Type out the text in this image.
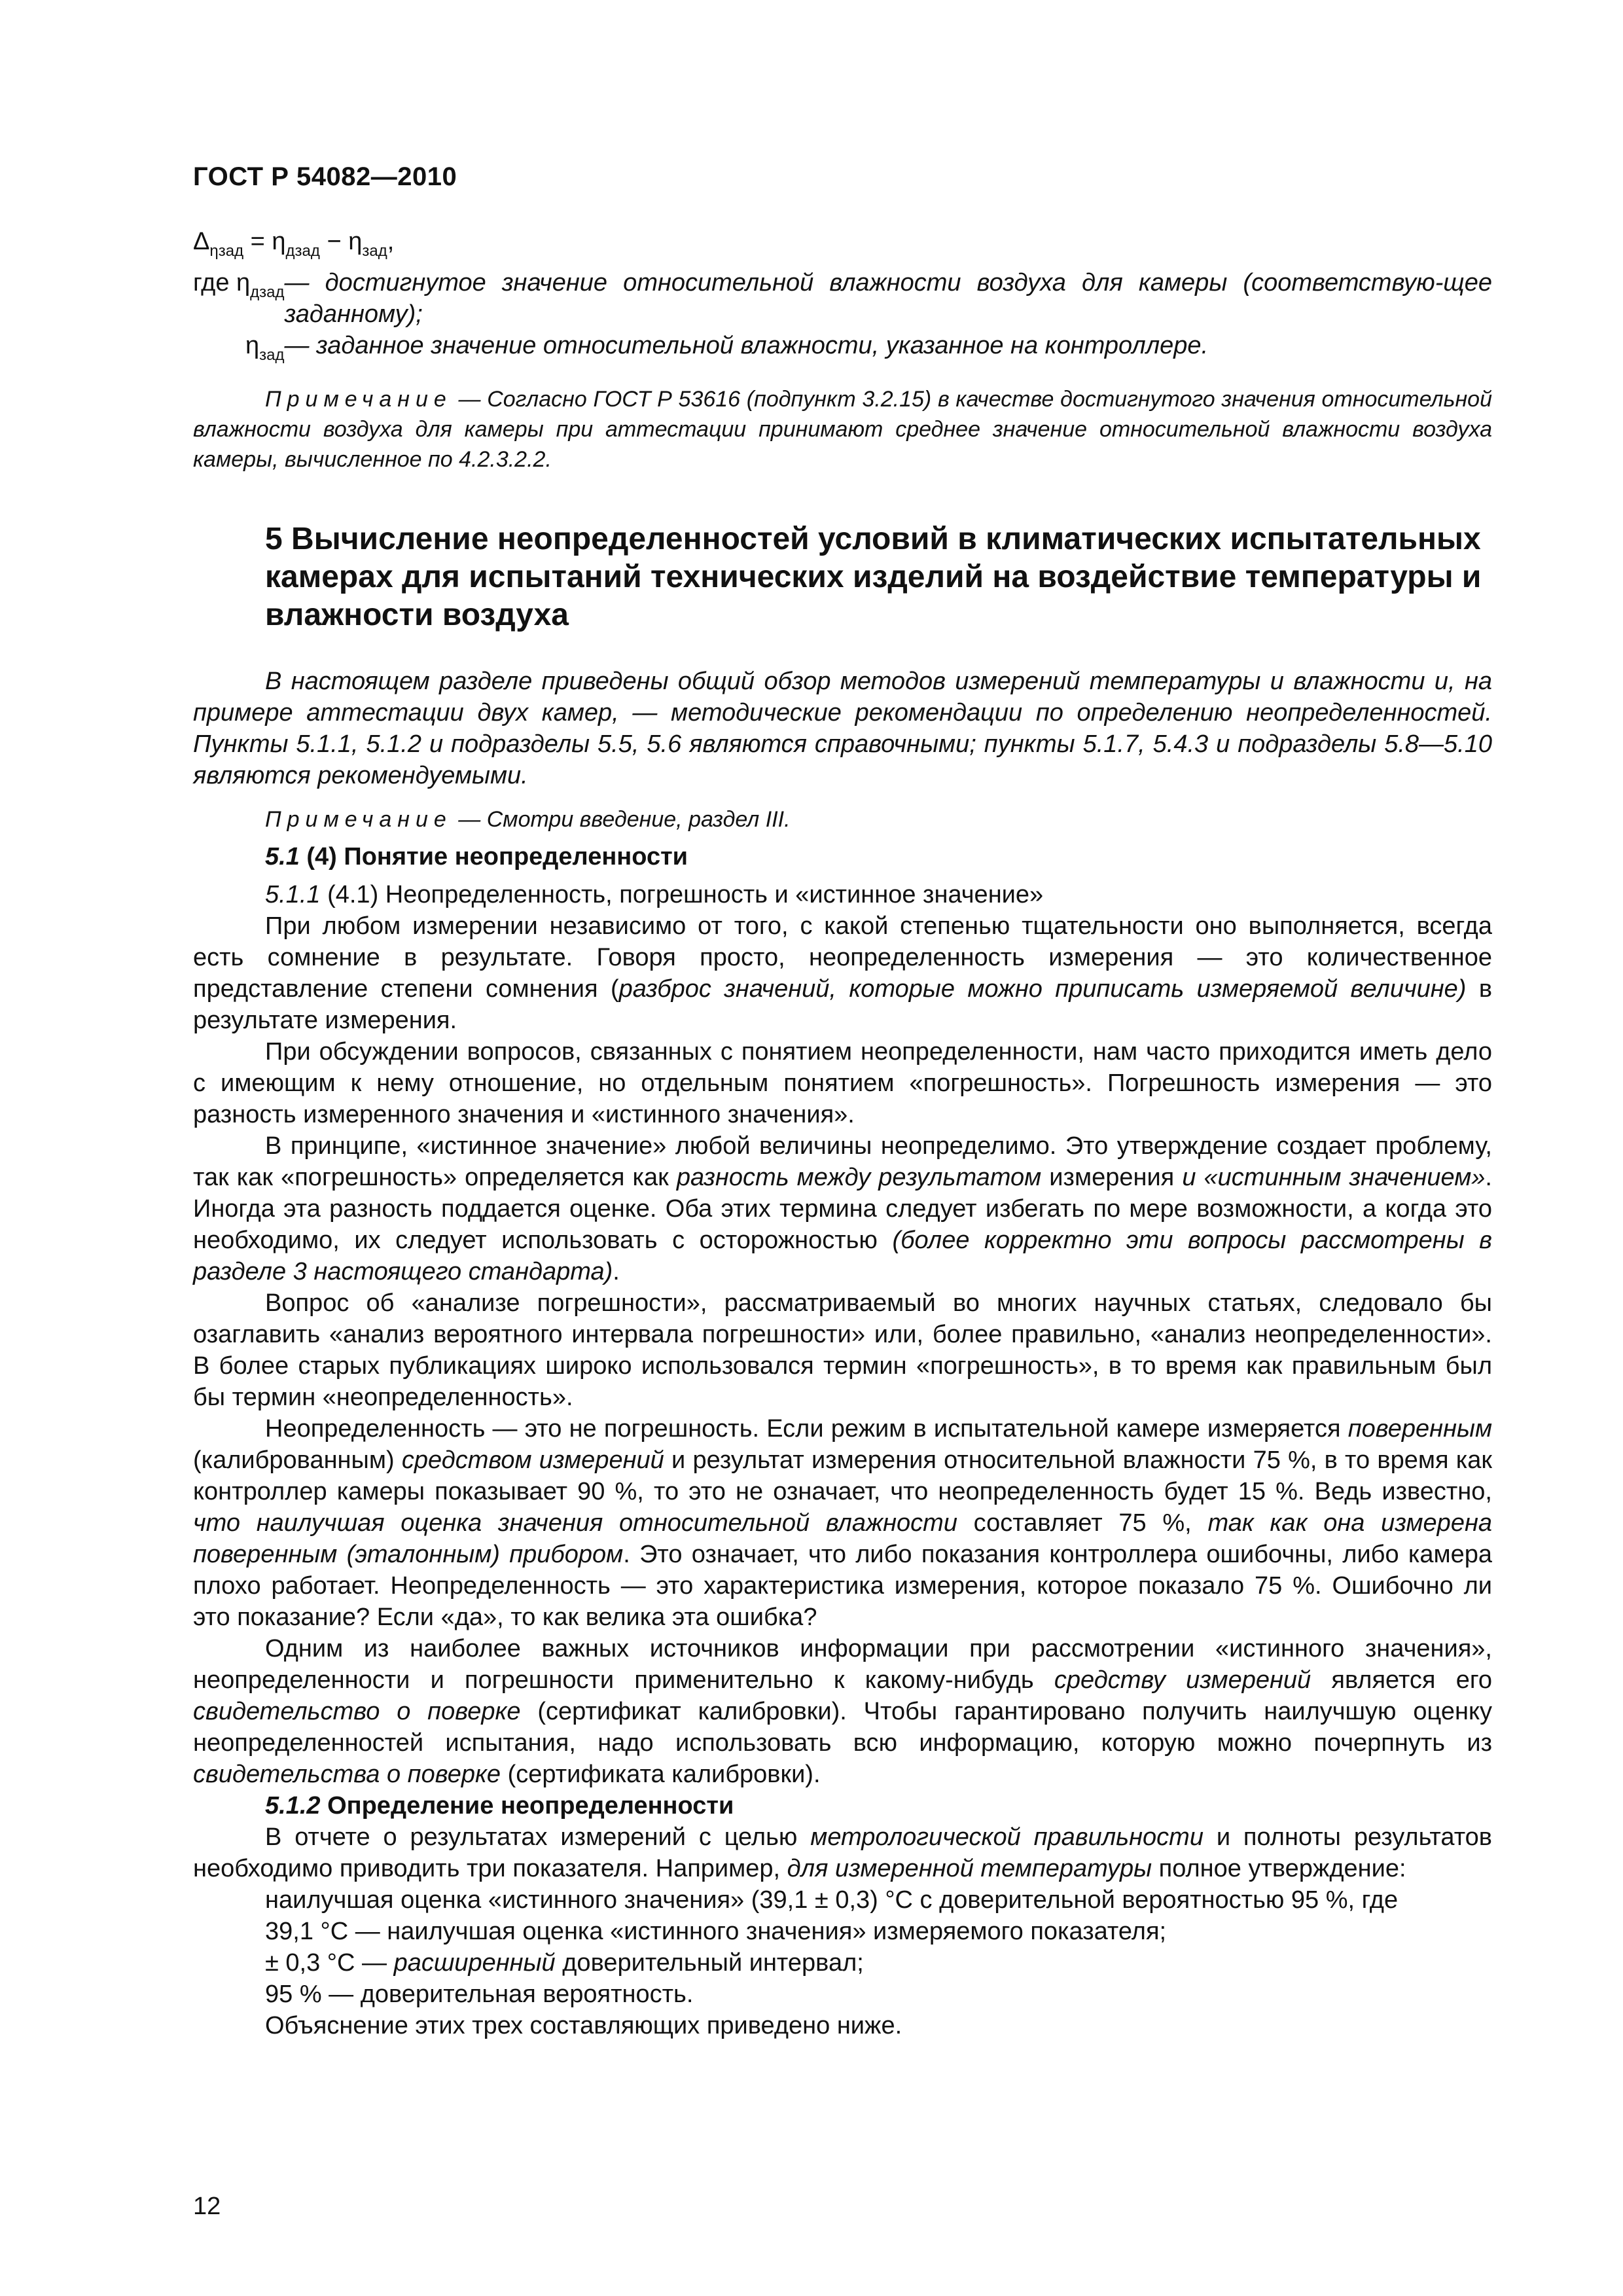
ГОСТ Р 54082—2010

$\Delta_{\eta зад} = \eta_{дзад} - \eta_{зад}$,

где $\eta_{дзад}$ — достигнутое значение относительной влажности воздуха для камеры (соответствую-щее заданному);
$\eta_{зад}$ — заданное значение относительной влажности, указанное на контроллере.

Примечание — Согласно ГОСТ Р 53616 (подпункт 3.2.15) в качестве достигнутого значения относительной влажности воздуха для камеры при аттестации принимают среднее значение относительной влажности воздуха камеры, вычисленное по 4.2.3.2.2.

5 Вычисление неопределенностей условий в климатических испытательных камерах для испытаний технических изделий на воздействие температуры и влажности воздуха

В настоящем разделе приведены общий обзор методов измерений температуры и влажности и, на примере аттестации двух камер, — методические рекомендации по определению неопределенностей. Пункты 5.1.1, 5.1.2 и подразделы 5.5, 5.6 являются справочными; пункты 5.1.7, 5.4.3 и подразделы 5.8—5.10 являются рекомендуемыми.

Примечание — Смотри введение, раздел III.

5.1 (4) Понятие неопределенности

5.1.1 (4.1) Неопределенность, погрешность и «истинное значение»

При любом измерении независимо от того, с какой степенью тщательности оно выполняется, всегда есть сомнение в результате. Говоря просто, неопределенность измерения — это количественное представление степени сомнения (разброс значений, которые можно приписать измеряемой величине) в результате измерения.

При обсуждении вопросов, связанных с понятием неопределенности, нам часто приходится иметь дело с имеющим к нему отношение, но отдельным понятием «погрешность». Погрешность измерения — это разность измеренного значения и «истинного значения».

В принципе, «истинное значение» любой величины неопределимо. Это утверждение создает проблему, так как «погрешность» определяется как разность между результатом измерения и «истинным значением». Иногда эта разность поддается оценке. Оба этих термина следует избегать по мере возможности, а когда это необходимо, их следует использовать с осторожностью (более корректно эти вопросы рассмотрены в разделе 3 настоящего стандарта).

Вопрос об «анализе погрешности», рассматриваемый во многих научных статьях, следовало бы озаглавить «анализ вероятного интервала погрешности» или, более правильно, «анализ неопределенности». В более старых публикациях широко использовался термин «погрешность», в то время как правильным был бы термин «неопределенность».

Неопределенность — это не погрешность. Если режим в испытательной камере измеряется поверенным (калиброванным) средством измерений и результат измерения относительной влажности 75 %, в то время как контроллер камеры показывает 90 %, то это не означает, что неопределенность будет 15 %. Ведь известно, что наилучшая оценка значения относительной влажности составляет 75 %, так как она измерена поверенным (эталонным) прибором. Это означает, что либо показания контроллера ошибочны, либо камера плохо работает. Неопределенность — это характеристика измерения, которое показало 75 %. Ошибочно ли это показание? Если «да», то как велика эта ошибка?

Одним из наиболее важных источников информации при рассмотрении «истинного значения», неопределенности и погрешности применительно к какому-нибудь средству измерений является его свидетельство о поверке (сертификат калибровки). Чтобы гарантировано получить наилучшую оценку неопределенностей испытания, надо использовать всю информацию, которую можно почерпнуть из свидетельства о поверке (сертификата калибровки).

5.1.2 Определение неопределенности

В отчете о результатах измерений с целью метрологической правильности и полноты результатов необходимо приводить три показателя. Например, для измеренной температуры полное утверждение:

наилучшая оценка «истинного значения» (39,1 ± 0,3) °С с доверительной вероятностью 95 %, где

39,1 °С — наилучшая оценка «истинного значения» измеряемого показателя;

± 0,3 °С — расширенный доверительный интервал;

95 % — доверительная вероятность.

Объяснение этих трех составляющих приведено ниже.

12
